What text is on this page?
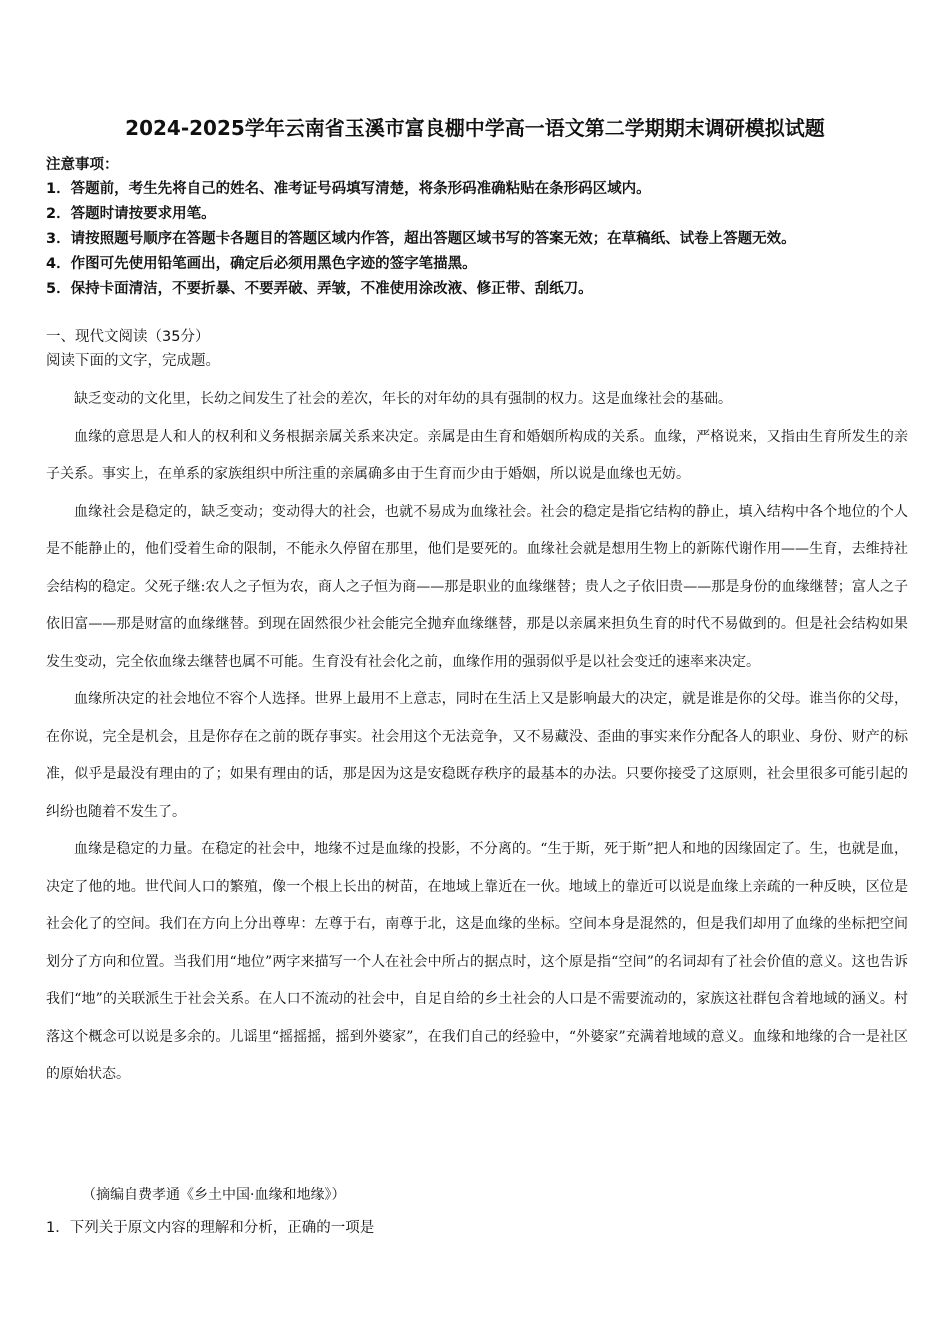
2024-2025学年云南省玉溪市富良棚中学高一语文第二学期期末调研模拟试题
注意事项：
1．答题前，考生先将自己的姓名、准考证号码填写清楚，将条形码准确粘贴在条形码区域内。
2．答题时请按要求用笔。
3．请按照题号顺序在答题卡各题目的答题区域内作答，超出答题区域书写的答案无效；在草稿纸、试卷上答题无效。
4．作图可先使用铅笔画出，确定后必须用黑色字迹的签字笔描黑。
5．保持卡面清洁，不要折暴、不要弄破、弄皱，不准使用涂改液、修正带、刮纸刀。
一、现代文阅读（35分）
阅读下面的文字，完成题。

缺乏变动的文化里，长幼之间发生了社会的差次，年长的对年幼的具有强制的权力。这是血缘社会的基础。

血缘的意思是人和人的权利和义务根据亲属关系来决定。亲属是由生育和婚姻所构成的关系。血缘，严格说来，又指由生育所发生的亲子关系。事实上，在单系的家族组织中所注重的亲属确多由于生育而少由于婚姻，所以说是血缘也无妨。

血缘社会是稳定的，缺乏变动；变动得大的社会，也就不易成为血缘社会。社会的稳定是指它结构的静止，填入结构中各个地位的个人是不能静止的，他们受着生命的限制，不能永久停留在那里，他们是要死的。血缘社会就是想用生物上的新陈代谢作用——生育，去维持社会结构的稳定。父死子继:农人之子恒为农，商人之子恒为商——那是职业的血缘继替；贵人之子依旧贵——那是身份的血缘继替；富人之子依旧富——那是财富的血缘继替。到现在固然很少社会能完全抛弃血缘继替，那是以亲属来担负生育的时代不易做到的。但是社会结构如果发生变动，完全依血缘去继替也属不可能。生育没有社会化之前，血缘作用的强弱似乎是以社会变迁的速率来决定。

血缘所决定的社会地位不容个人选择。世界上最用不上意志，同时在生活上又是影响最大的决定，就是谁是你的父母。谁当你的父母，在你说，完全是机会，且是你存在之前的既存事实。社会用这个无法竞争，又不易藏没、歪曲的事实来作分配各人的职业、身份、财产的标准，似乎是最没有理由的了；如果有理由的话，那是因为这是安稳既存秩序的最基本的办法。只要你接受了这原则，社会里很多可能引起的纠纷也随着不发生了。

血缘是稳定的力量。在稳定的社会中，地缘不过是血缘的投影，不分离的。“生于斯，死于斯”把人和地的因缘固定了。生，也就是血，决定了他的地。世代间人口的繁殖，像一个根上长出的树苗，在地域上靠近在一伙。地域上的靠近可以说是血缘上亲疏的一种反映，区位是社会化了的空间。我们在方向上分出尊卑：左尊于右，南尊于北，这是血缘的坐标。空间本身是混然的，但是我们却用了血缘的坐标把空间划分了方向和位置。当我们用“地位”两字来描写一个人在社会中所占的据点时，这个原是指“空间”的名词却有了社会价值的意义。这也告诉我们“地”的关联派生于社会关系。在人口不流动的社会中，自足自给的乡土社会的人口是不需要流动的，家族这社群包含着地域的涵义。村落这个概念可以说是多余的。儿谣里“摇摇摇，摇到外婆家”，在我们自己的经验中，“外婆家”充满着地域的意义。血缘和地缘的合一是社区的原始状态。

（摘编自费孝通《乡土中国·血缘和地缘》）
1．下列关于原文内容的理解和分析，正确的一项是
